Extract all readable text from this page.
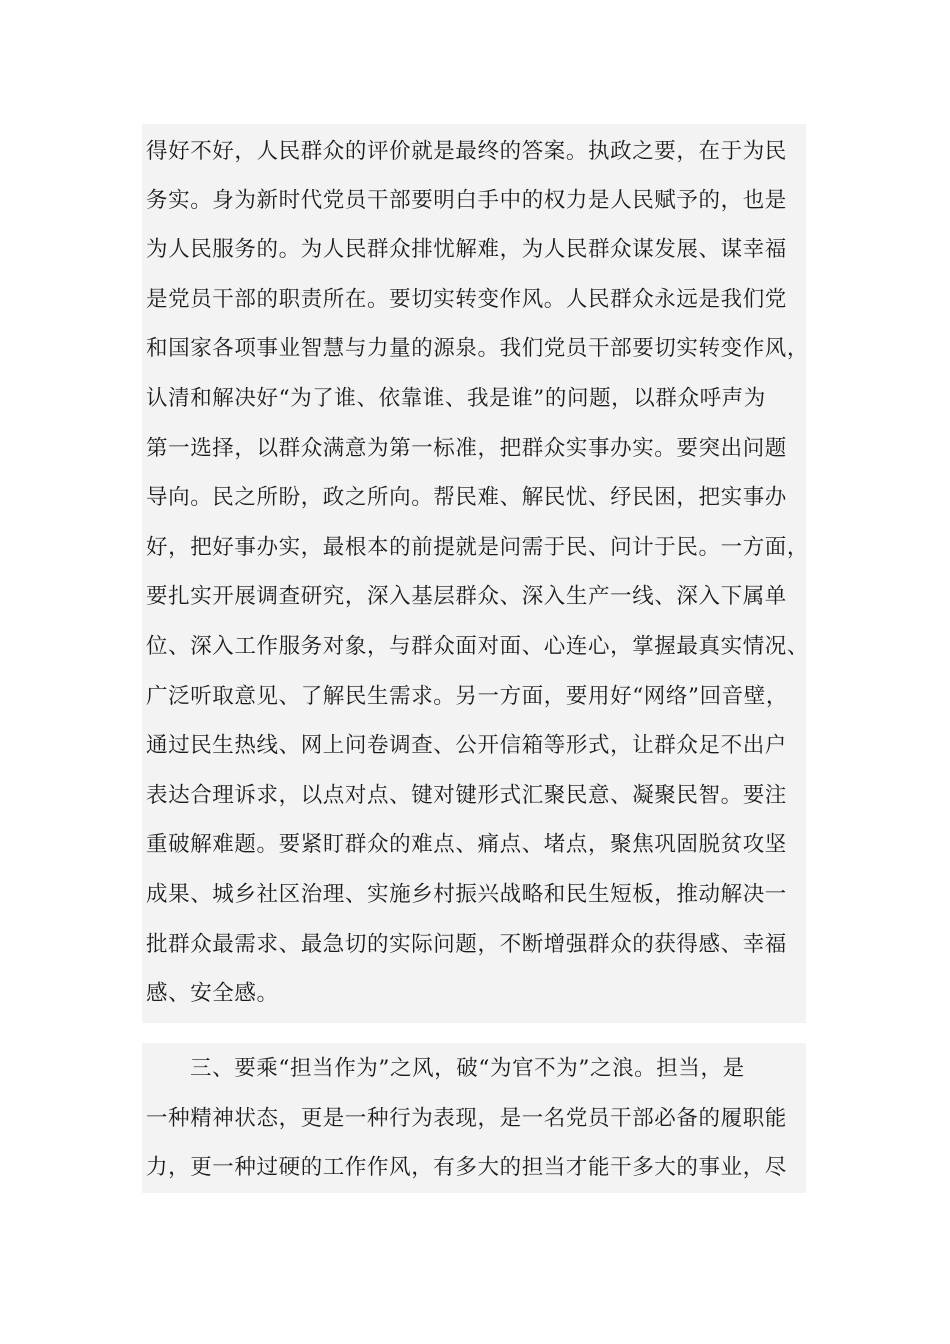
得好不好，人民群众的评价就是最终的答案。执政之要，在于为民
务实。身为新时代党员干部要明白手中的权力是人民赋予的，也是
为人民服务的。为人民群众排忧解难，为人民群众谋发展、谋幸福
是党员干部的职责所在。要切实转变作风。人民群众永远是我们党
和国家各项事业智慧与力量的源泉。我们党员干部要切实转变作风，
认清和解决好“为了谁、依靠谁、我是谁”的问题，以群众呼声为
第一选择，以群众满意为第一标准，把群众实事办实。要突出问题
导向。民之所盼，政之所向。帮民难、解民忧、纾民困，把实事办
好，把好事办实，最根本的前提就是问需于民、问计于民。一方面，
要扎实开展调查研究，深入基层群众、深入生产一线、深入下属单
位、深入工作服务对象，与群众面对面、心连心，掌握最真实情况、
广泛听取意见、了解民生需求。另一方面，要用好“网络”回音壁，
通过民生热线、网上问卷调查、公开信箱等形式，让群众足不出户
表达合理诉求，以点对点、键对键形式汇聚民意、凝聚民智。要注
重破解难题。要紧盯群众的难点、痛点、堵点，聚焦巩固脱贫攻坚
成果、城乡社区治理、实施乡村振兴战略和民生短板，推动解决一
批群众最需求、最急切的实际问题，不断增强群众的获得感、幸福
感、安全感。
三、要乘“担当作为”之风，破“为官不为”之浪。担当，是
一种精神状态，更是一种行为表现，是一名党员干部必备的履职能
力，更一种过硬的工作作风，有多大的担当才能干多大的事业，尽
